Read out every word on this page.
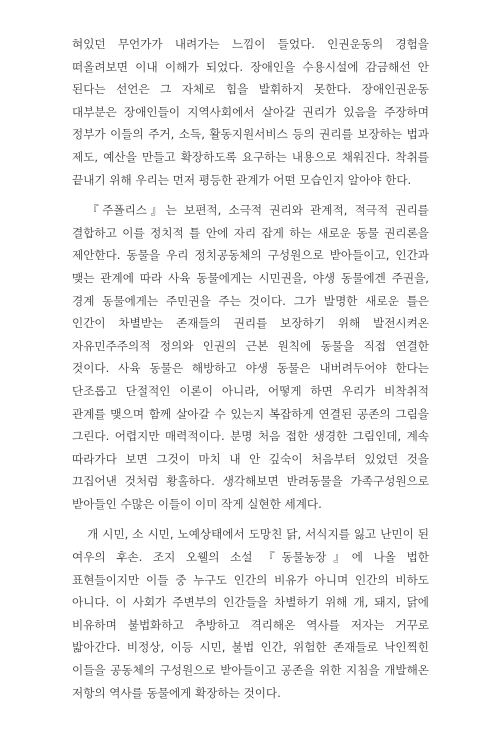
혀있던 무언가가 내려가는 느낌이 들었다. 인권운동의 경험을 떠올려보면 이내 이해가 되었다. 장애인을 수용시설에 감금해선 안 된다는 선언은 그 자체로 힘을 발휘하지 못한다. 장애인권운동 대부분은 장애인들이 지역사회에서 살아갈 권리가 있음을 주장하며 정부가 이들의 주거, 소득, 활동지원서비스 등의 권리를 보장하는 법과 제도, 예산을 만들고 확장하도록 요구하는 내용으로 채워진다. 착취를 끝내기 위해 우리는 먼저 평등한 관계가 어떤 모습인지 알아야 한다.

『주폴리스』는 보편적, 소극적 권리와 관계적, 적극적 권리를 결합하고 이를 정치적 틀 안에 자리 잡게 하는 새로운 동물 권리론을 제안한다. 동물을 우리 정치공동체의 구성원으로 받아들이고, 인간과 맺는 관계에 따라 사육 동물에게는 시민권을, 야생 동물에겐 주권을, 경계 동물에게는 주민권을 주는 것이다. 그가 발명한 새로운 틀은 인간이 차별받는 존재들의 권리를 보장하기 위해 발전시켜온 자유민주주의적 정의와 인권의 근본 원칙에 동물을 직접 연결한 것이다. 사육 동물은 해방하고 야생 동물은 내버려두어야 한다는 단조롭고 단절적인 이론이 아니라, 어떻게 하면 우리가 비착취적 관계를 맺으며 함께 살아갈 수 있는지 복잡하게 연결된 공존의 그림을 그린다. 어렵지만 매력적이다. 분명 처음 접한 생경한 그림인데, 계속 따라가다 보면 그것이 마치 내 안 깊숙이 처음부터 있었던 것을 끄집어낸 것처럼 황홀하다. 생각해보면 반려동물을 가족구성원으로 받아들인 수많은 이들이 이미 작게 실현한 세계다.

개 시민, 소 시민, 노예상태에서 도망친 닭, 서식지를 잃고 난민이 된 여우의 후손. 조지 오웰의 소설 『동물농장』에 나올 법한 표현들이지만 이들 중 누구도 인간의 비유가 아니며 인간의 비하도 아니다. 이 사회가 주변부의 인간들을 차별하기 위해 개, 돼지, 닭에 비유하며 불법화하고 추방하고 격리해온 역사를 저자는 거꾸로 밟아간다. 비정상, 이등 시민, 불법 인간, 위험한 존재들로 낙인찍힌 이들을 공동체의 구성원으로 받아들이고 공존을 위한 지침을 개발해온 저항의 역사를 동물에게 확장하는 것이다.
